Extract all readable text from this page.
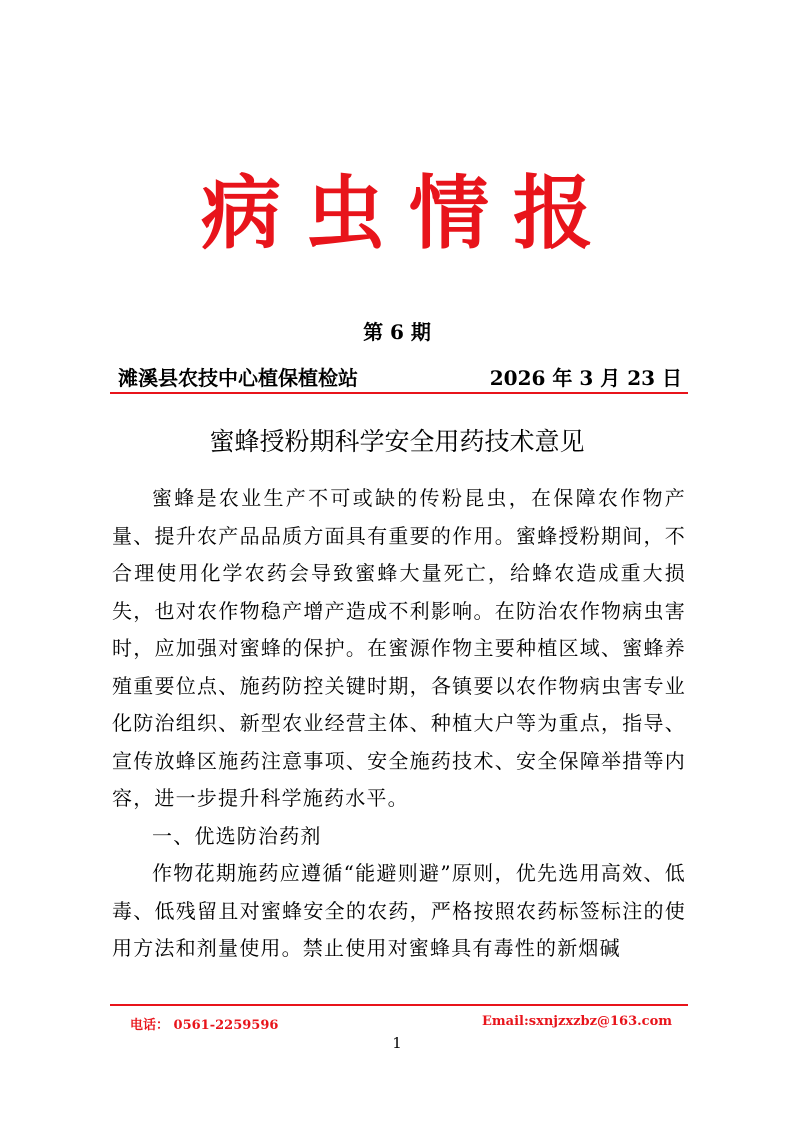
病虫情报
第 6 期
滩溪县农技中心植保植检站	2026 年 3 月 23 日
蜜蜂授粉期科学安全用药技术意见

蜜蜂是农业生产不可或缺的传粉昆虫，在保障农作物产量、提升农产品品质方面具有重要的作用。蜜蜂授粉期间，不合理使用化学农药会导致蜜蜂大量死亡，给蜂农造成重大损失，也对农作物稳产增产造成不利影响。在防治农作物病虫害时，应加强对蜜蜂的保护。在蜜源作物主要种植区域、蜜蜂养殖重要位点、施药防控关键时期，各镇要以农作物病虫害专业化防治组织、新型农业经营主体、种植大户等为重点，指导、宣传放蜂区施药注意事项、安全施药技术、安全保障举措等内容，进一步提升科学施药水平。

一、优选防治药剂

作物花期施药应遵循“能避则避”原则，优先选用高效、低毒、低残留且对蜜蜂安全的农药，严格按照农药标签标注的使用方法和剂量使用。禁止使用对蜜蜂具有毒性的新烟碱

电话： 0561-2259596	Email:sxnjzxzbz@163.com
1
